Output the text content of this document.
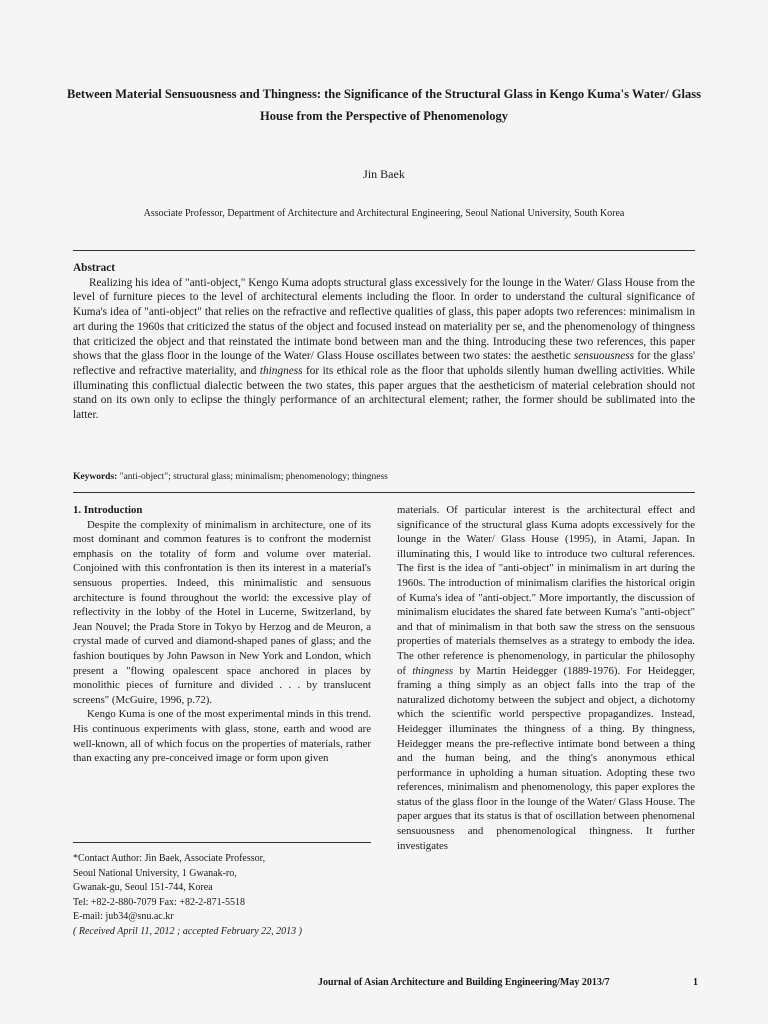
Between Material Sensuousness and Thingness: the Significance of the Structural Glass in Kengo Kuma's Water/ Glass House from the Perspective of Phenomenology
Jin Baek
Associate Professor, Department of Architecture and Architectural Engineering, Seoul National University, South Korea
Abstract
Realizing his idea of "anti-object," Kengo Kuma adopts structural glass excessively for the lounge in the Water/ Glass House from the level of furniture pieces to the level of architectural elements including the floor. In order to understand the cultural significance of Kuma's idea of "anti-object" that relies on the refractive and reflective qualities of glass, this paper adopts two references: minimalism in art during the 1960s that criticized the status of the object and focused instead on materiality per se, and the phenomenology of thingness that criticized the object and that reinstated the intimate bond between man and the thing. Introducing these two references, this paper shows that the glass floor in the lounge of the Water/ Glass House oscillates between two states: the aesthetic sensuousness for the glass' reflective and refractive materiality, and thingness for its ethical role as the floor that upholds silently human dwelling activities. While illuminating this conflictual dialectic between the two states, this paper argues that the aestheticism of material celebration should not stand on its own only to eclipse the thingly performance of an architectural element; rather, the former should be sublimated into the latter.
Keywords: "anti-object"; structural glass; minimalism; phenomenology; thingness
1. Introduction

Despite the complexity of minimalism in architecture, one of its most dominant and common features is to confront the modernist emphasis on the totality of form and volume over material. Conjoined with this confrontation is then its interest in a material's sensuous properties. Indeed, this minimalistic and sensuous architecture is found throughout the world: the excessive play of reflectivity in the lobby of the Hotel in Lucerne, Switzerland, by Jean Nouvel; the Prada Store in Tokyo by Herzog and de Meuron, a crystal made of curved and diamond-shaped panes of glass; and the fashion boutiques by John Pawson in New York and London, which present a "flowing opalescent space anchored in places by monolithic pieces of furniture and divided . . . by translucent screens" (McGuire, 1996, p.72).

Kengo Kuma is one of the most experimental minds in this trend. His continuous experiments with glass, stone, earth and wood are well-known, all of which focus on the properties of materials, rather than exacting any pre-conceived image or form upon given

materials. Of particular interest is the architectural effect and significance of the structural glass Kuma adopts excessively for the lounge in the Water/ Glass House (1995), in Atami, Japan. In illuminating this, I would like to introduce two cultural references. The first is the idea of "anti-object" in minimalism in art during the 1960s. The introduction of minimalism clarifies the historical origin of Kuma's idea of "anti-object." More importantly, the discussion of minimalism elucidates the shared fate between Kuma's "anti-object" and that of minimalism in that both saw the stress on the sensuous properties of materials themselves as a strategy to embody the idea. The other reference is phenomenology, in particular the philosophy of thingness by Martin Heidegger (1889-1976). For Heidegger, framing a thing simply as an object falls into the trap of the naturalized dichotomy between the subject and object, a dichotomy which the scientific world perspective propagandizes. Instead, Heidegger illuminates the thingness of a thing. By thingness, Heidegger means the pre-reflective intimate bond between a thing and the human being, and the thing's anonymous ethical performance in upholding a human situation. Adopting these two references, minimalism and phenomenology, this paper explores the status of the glass floor in the lounge of the Water/ Glass House. The paper argues that its status is that of oscillation between phenomenal sensuousness and phenomenological thingness. It further investigates

*Contact Author: Jin Baek, Associate Professor,
Seoul National University, 1 Gwanak-ro,
Gwanak-gu, Seoul 151-744, Korea
Tel: +82-2-880-7079 Fax: +82-2-871-5518
E-mail: jub34@snu.ac.kr
( Received April 11, 2012 ; accepted February 22, 2013 )
Journal of Asian Architecture and Building Engineering/May 2013/7	1
